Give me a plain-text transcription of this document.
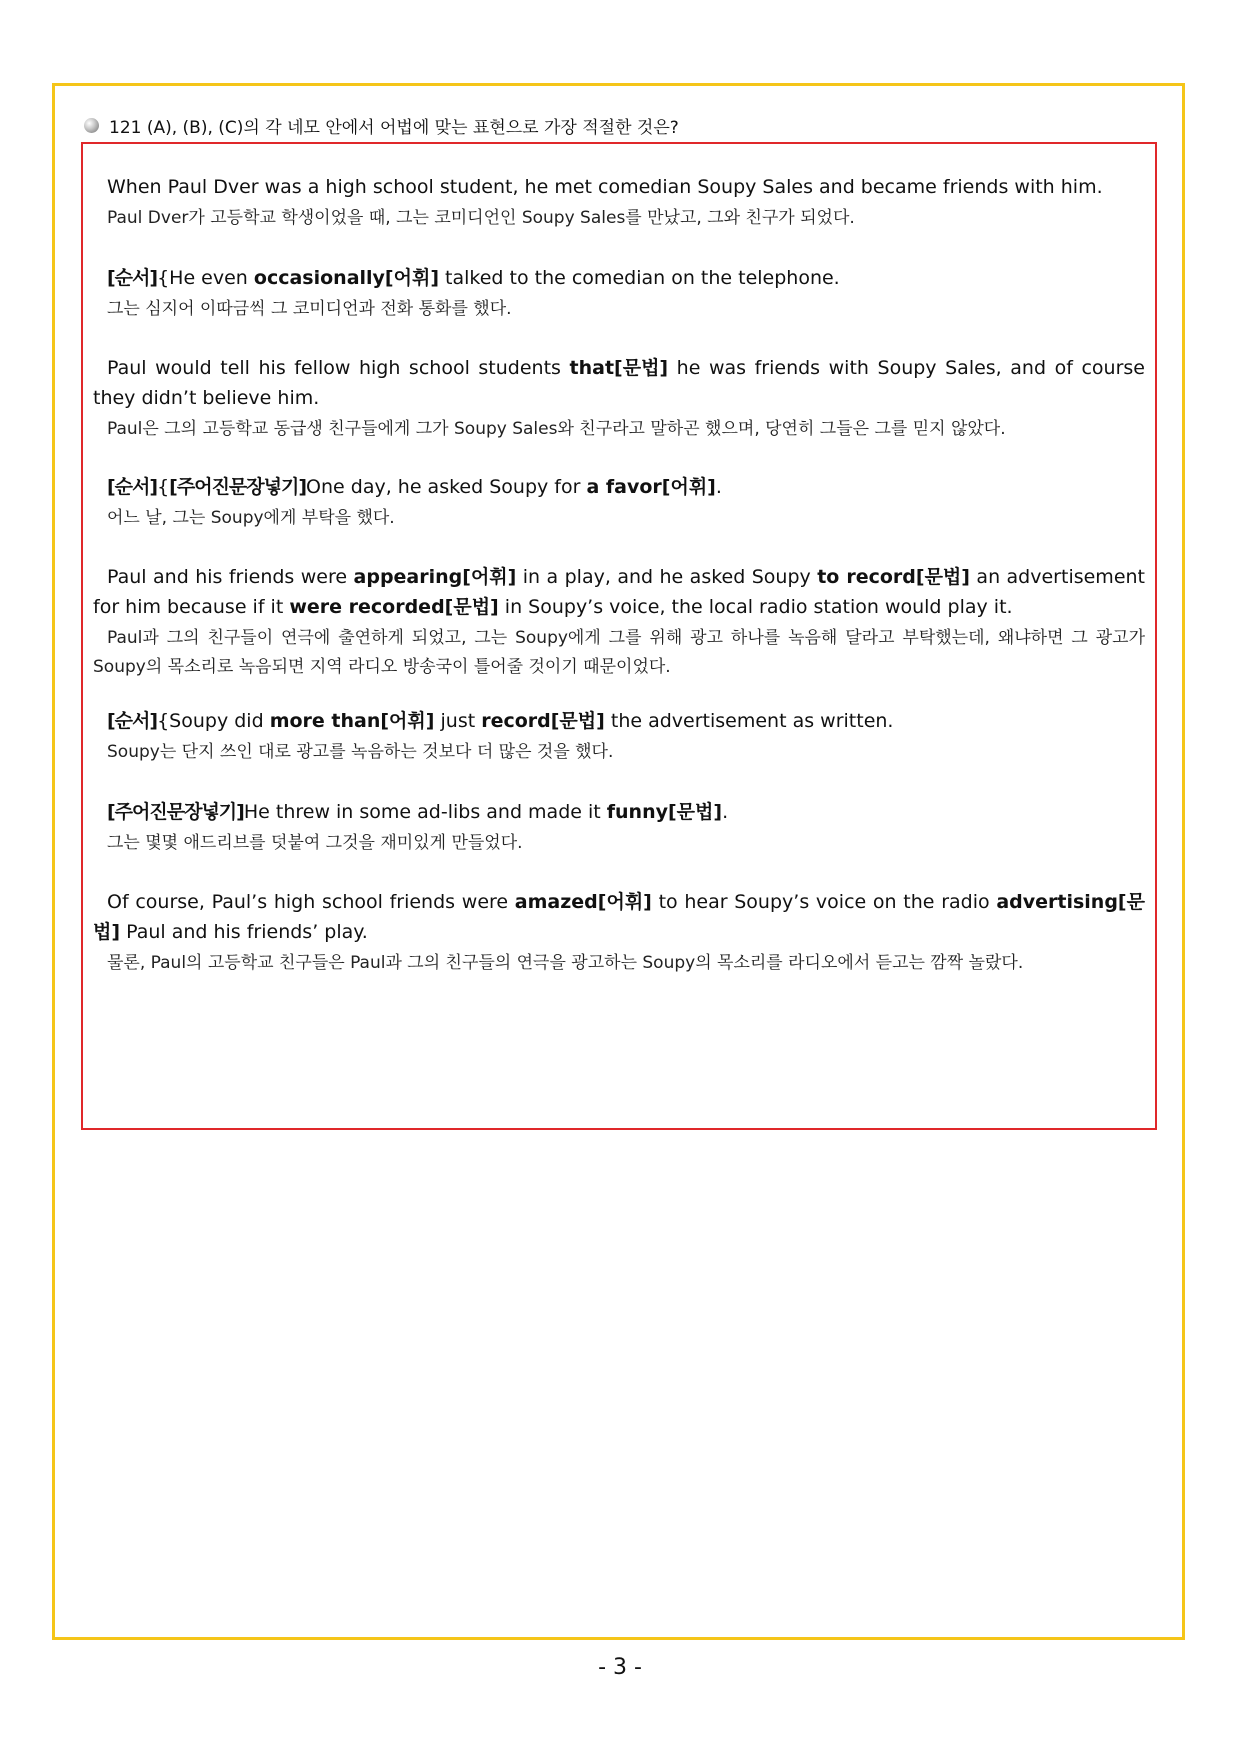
121 (A), (B), (C)의 각 네모 안에서 어법에 맞는 표현으로 가장 적절한 것은?
When Paul Dver was a high school student, he met comedian Soupy Sales and became friends with him.
Paul Dver가 고등학교 학생이었을 때, 그는 코미디언인 Soupy Sales를 만났고, 그와 친구가 되었다.
[순서]{He even occasionally[어휘] talked to the comedian on the telephone.
그는 심지어 이따금씩 그 코미디언과 전화 통화를 했다.
Paul would tell his fellow high school students that[문법] he was friends with Soupy Sales, and of course they didn’t believe him.
Paul은 그의 고등학교 동급생 친구들에게 그가 Soupy Sales와 친구라고 말하곤 했으며, 당연히 그들은 그를 믿지 않았다.
[순서]{[주어진문장넣기]One day, he asked Soupy for a favor[어휘].
어느 날, 그는 Soupy에게 부탁을 했다.
Paul and his friends were appearing[어휘] in a play, and he asked Soupy to record[문법] an advertisement for him because if it were recorded[문법] in Soupy’s voice, the local radio station would play it.
Paul과 그의 친구들이 연극에 출연하게 되었고, 그는 Soupy에게 그를 위해 광고 하나를 녹음해 달라고 부탁했는데, 왜냐하면 그 광고가 Soupy의 목소리로 녹음되면 지역 라디오 방송국이 틀어줄 것이기 때문이었다.
[순서]{Soupy did more than[어휘] just record[문법] the advertisement as written.
Soupy는 단지 쓰인 대로 광고를 녹음하는 것보다 더 많은 것을 했다.
[주어진문장넣기]He threw in some ad-libs and made it funny[문법].
그는 몇몇 애드리브를 덧붙여 그것을 재미있게 만들었다.
Of course, Paul’s high school friends were amazed[어휘] to hear Soupy’s voice on the radio advertising[문법] Paul and his friends’ play.
물론, Paul의 고등학교 친구들은 Paul과 그의 친구들의 연극을 광고하는 Soupy의 목소리를 라디오에서 듣고는 깜짝 놀랐다.
- 3 -
